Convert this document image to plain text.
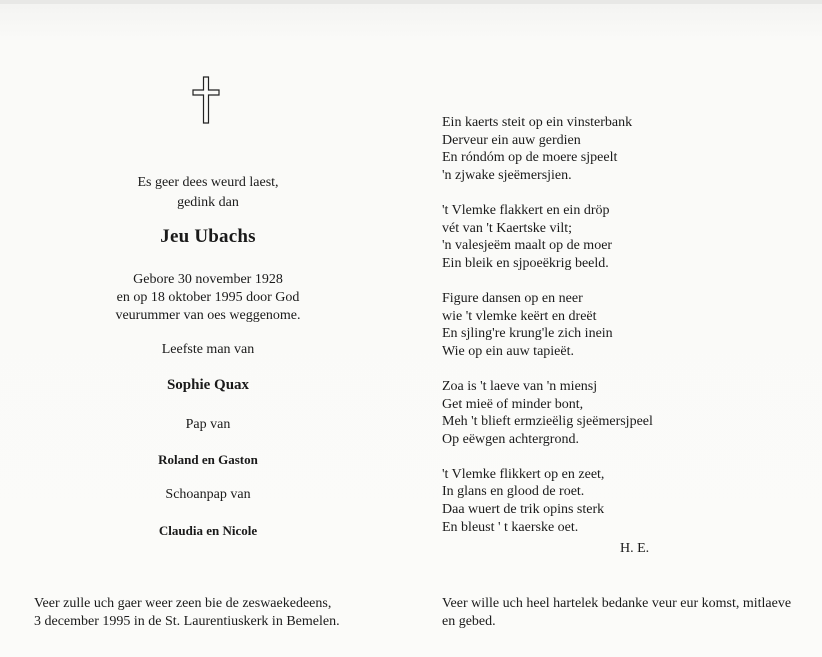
Es geer dees weurd laest,
gedink dan
Jeu Ubachs
Gebore 30 november 1928
en op 18 oktober 1995 door God
veurummer van oes weggenome.
Leefste man van
Sophie Quax
Pap van
Roland en Gaston
Schoanpap van
Claudia en Nicole
Ein kaerts steit op ein vinsterbank
Derveur ein auw gerdien
En róndóm op de moere sjpeelt
'n zjwake sjeëmersjien.
't Vlemke flakkert en ein dröp
vét van 't Kaertske vilt;
'n valesjeëm maalt op de moer
Ein bleik en sjpoeëkrig beeld.
Figure dansen op en neer
wie 't vlemke keërt en dreët
En sjling're krung'le zich inein
Wie op ein auw tapieët.
Zoa is 't laeve van 'n miensj
Get mieë of minder bont,
Meh 't blieft ermzieëlig sjeëmersjpeel
Op eëwgen achtergrond.
't Vlemke flikkert op en zeet,
In glans en glood de roet.
Daa wuert de trik opins sterk
En bleust ' t kaerske oet.
H. E.
Veer zulle uch gaer weer zeen bie de zeswaekedeens,
3 december 1995 in de St. Laurentiuskerk in Bemelen.
Veer wille uch heel hartelek bedanke veur eur komst, mitlaeve
en gebed.
